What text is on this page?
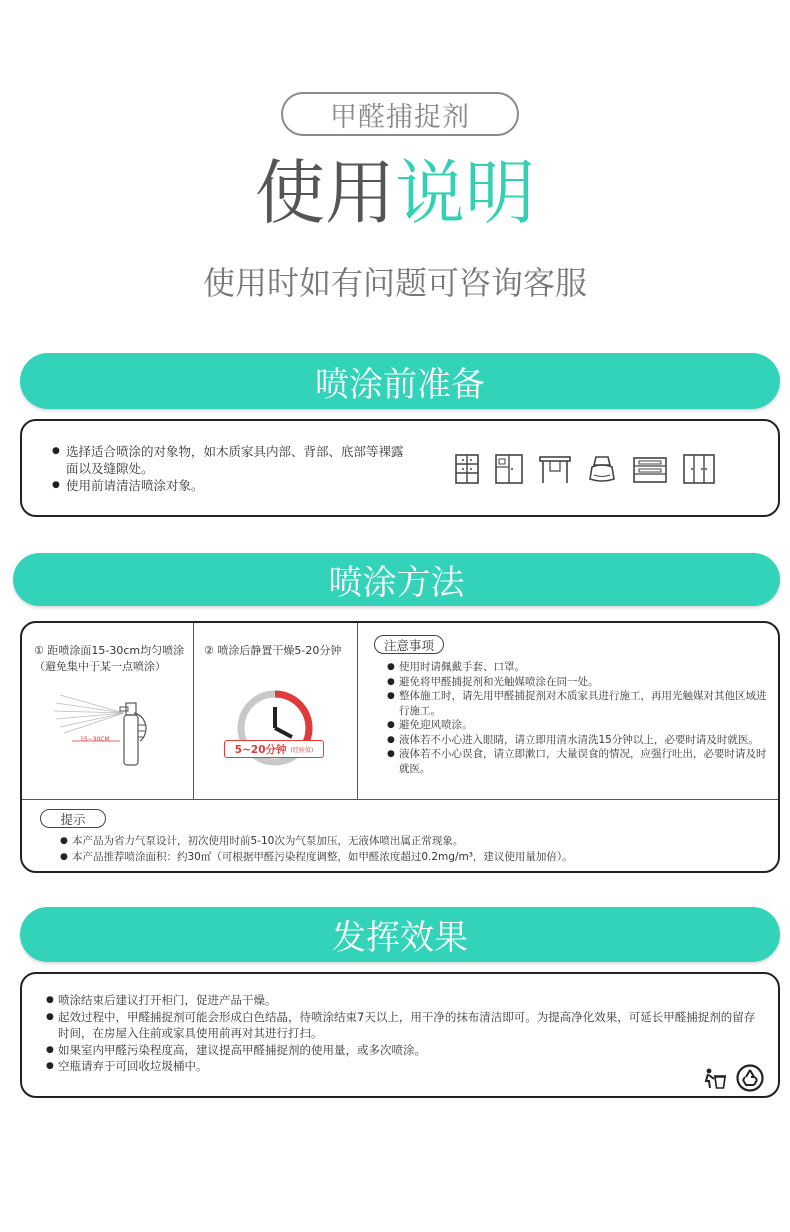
甲醛捕捉剂
使用说明
使用时如有问题可咨询客服
喷涂前准备
● 选择适合喷涂的对象物，如木质家具内部、背部、底部等裸露面以及缝隙处。
● 使用前请清洁喷涂对象。
喷涂方法
① 距喷涂面15-30cm均匀喷涂（避免集中于某一点喷涂）
15~30CM
② 喷涂后静置干燥5-20分钟
5~20分钟 (经验值)
注意事项
● 使用时请佩戴手套、口罩。
● 避免将甲醛捕捉剂和光触媒喷涂在同一处。
● 整体施工时，请先用甲醛捕捉剂对木质家具进行施工，再用光触媒对其他区域进行施工。
● 避免迎风喷涂。
● 液体若不小心进入眼睛，请立即用清水清洗15分钟以上，必要时请及时就医。
● 液体若不小心误食，请立即漱口，大量误食的情况，应强行吐出，必要时请及时就医。
提示
● 本产品为省力气泵设计，初次使用时前5-10次为气泵加压，无液体喷出属正常现象。
● 本产品推荐喷涂面积：约30㎡（可根据甲醛污染程度调整，如甲醛浓度超过0.2mg/m³，建议使用量加倍）。
发挥效果
● 喷涂结束后建议打开柜门，促进产品干燥。
● 起效过程中，甲醛捕捉剂可能会形成白色结晶，待喷涂结束7天以上，用干净的抹布清洁即可。为提高净化效果，可延长甲醛捕捉剂的留存时间，在房屋入住前或家具使用前再对其进行打扫。
● 如果室内甲醛污染程度高，建议提高甲醛捕捉剂的使用量，或多次喷涂。
● 空瓶请弃于可回收垃圾桶中。
